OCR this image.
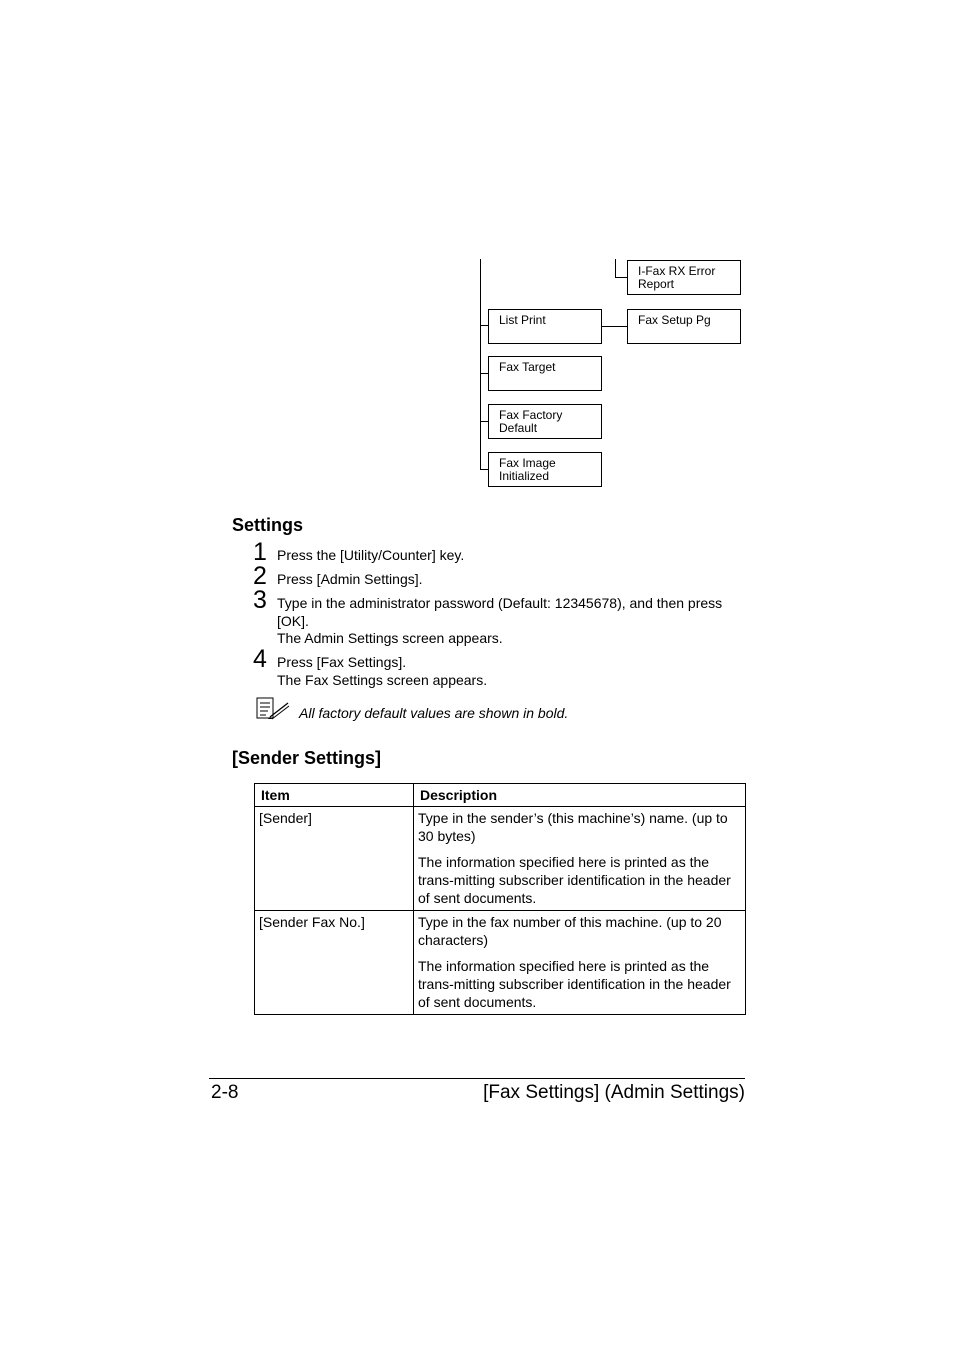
I-Fax RX Error
Report
List Print	Fax Setup Pg
Fax Target
Fax Factory
Default
Fax Image
Initialized
Settings
1 Press the [Utility/Counter] key.
2 Press [Admin Settings].
3 Type in the administrator password (Default: 12345678), and then press
[OK].
The Admin Settings screen appears.
4 Press [Fax Settings].
The Fax Settings screen appears.
All factory default values are shown in bold.
[Sender Settings]
Item	Description
[Sender]	Type in the sender’s (this machine’s) name. (up to 30 bytes)

The information specified here is printed as the trans-mitting subscriber identification in the header of sent documents.

[Sender Fax No.]	Type in the fax number of this machine. (up to 20 characters)

The information specified here is printed as the trans-mitting subscriber identification in the header of sent documents.

2-8	[Fax Settings] (Admin Settings)
